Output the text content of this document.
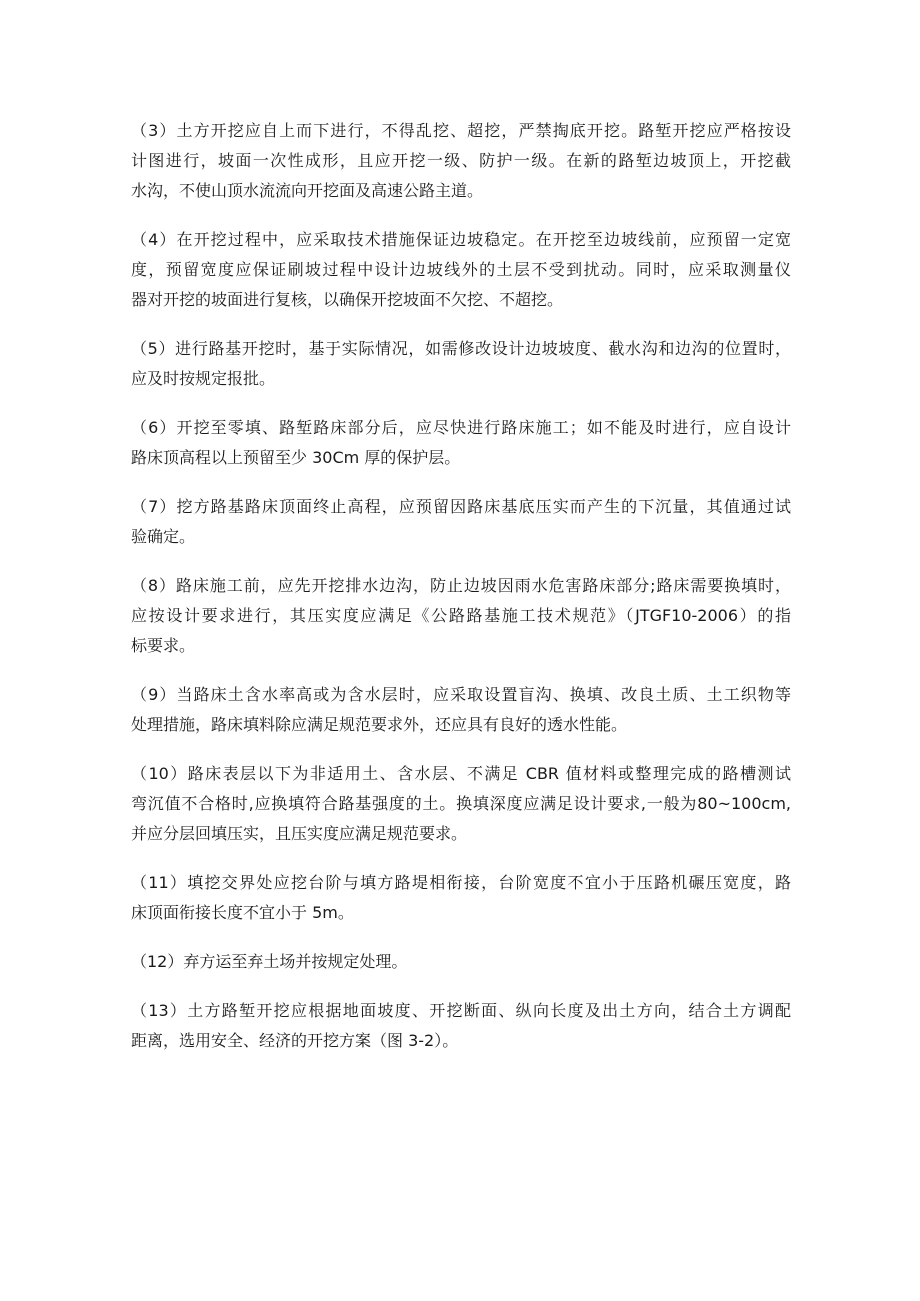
（3）土方开挖应自上而下进行，不得乱挖、超挖，严禁掏底开挖。路堑开挖应严格按设
计图进行，坡面一次性成形，且应开挖一级、防护一级。在新的路堑边坡顶上，开挖截
水沟，不使山顶水流流向开挖面及高速公路主道。
（4）在开挖过程中，应采取技术措施保证边坡稳定。在开挖至边坡线前，应预留一定宽
度，预留宽度应保证刷坡过程中设计边坡线外的土层不受到扰动。同时，应采取测量仪
器对开挖的坡面进行复核，以确保开挖坡面不欠挖、不超挖。
（5）进行路基开挖时，基于实际情况，如需修改设计边坡坡度、截水沟和边沟的位置时，
应及时按规定报批。
（6）开挖至零填、路堑路床部分后，应尽快进行路床施工；如不能及时进行，应自设计
路床顶高程以上预留至少 30Cm 厚的保护层。
（7）挖方路基路床顶面终止高程，应预留因路床基底压实而产生的下沉量，其值通过试
验确定。
（8）路床施工前，应先开挖排水边沟，防止边坡因雨水危害路床部分;路床需要换填时，
应按设计要求进行，其压实度应满足《公路路基施工技术规范》（JTGF10-2006）的指
标要求。
（9）当路床土含水率高或为含水层时，应采取设置盲沟、换填、改良土质、土工织物等
处理措施，路床填料除应满足规范要求外，还应具有良好的透水性能。
（10）路床表层以下为非适用土、含水层、不满足 CBR 值材料或整理完成的路槽测试
弯沉值不合格时,应换填符合路基强度的土。换填深度应满足设计要求,一般为80~100cm,
并应分层回填压实，且压实度应满足规范要求。
（11）填挖交界处应挖台阶与填方路堤相衔接，台阶宽度不宜小于压路机碾压宽度，路
床顶面衔接长度不宜小于 5m。
（12）弃方运至弃土场并按规定处理。
（13）土方路堑开挖应根据地面坡度、开挖断面、纵向长度及出土方向，结合土方调配
距离，选用安全、经济的开挖方案（图 3-2）。
